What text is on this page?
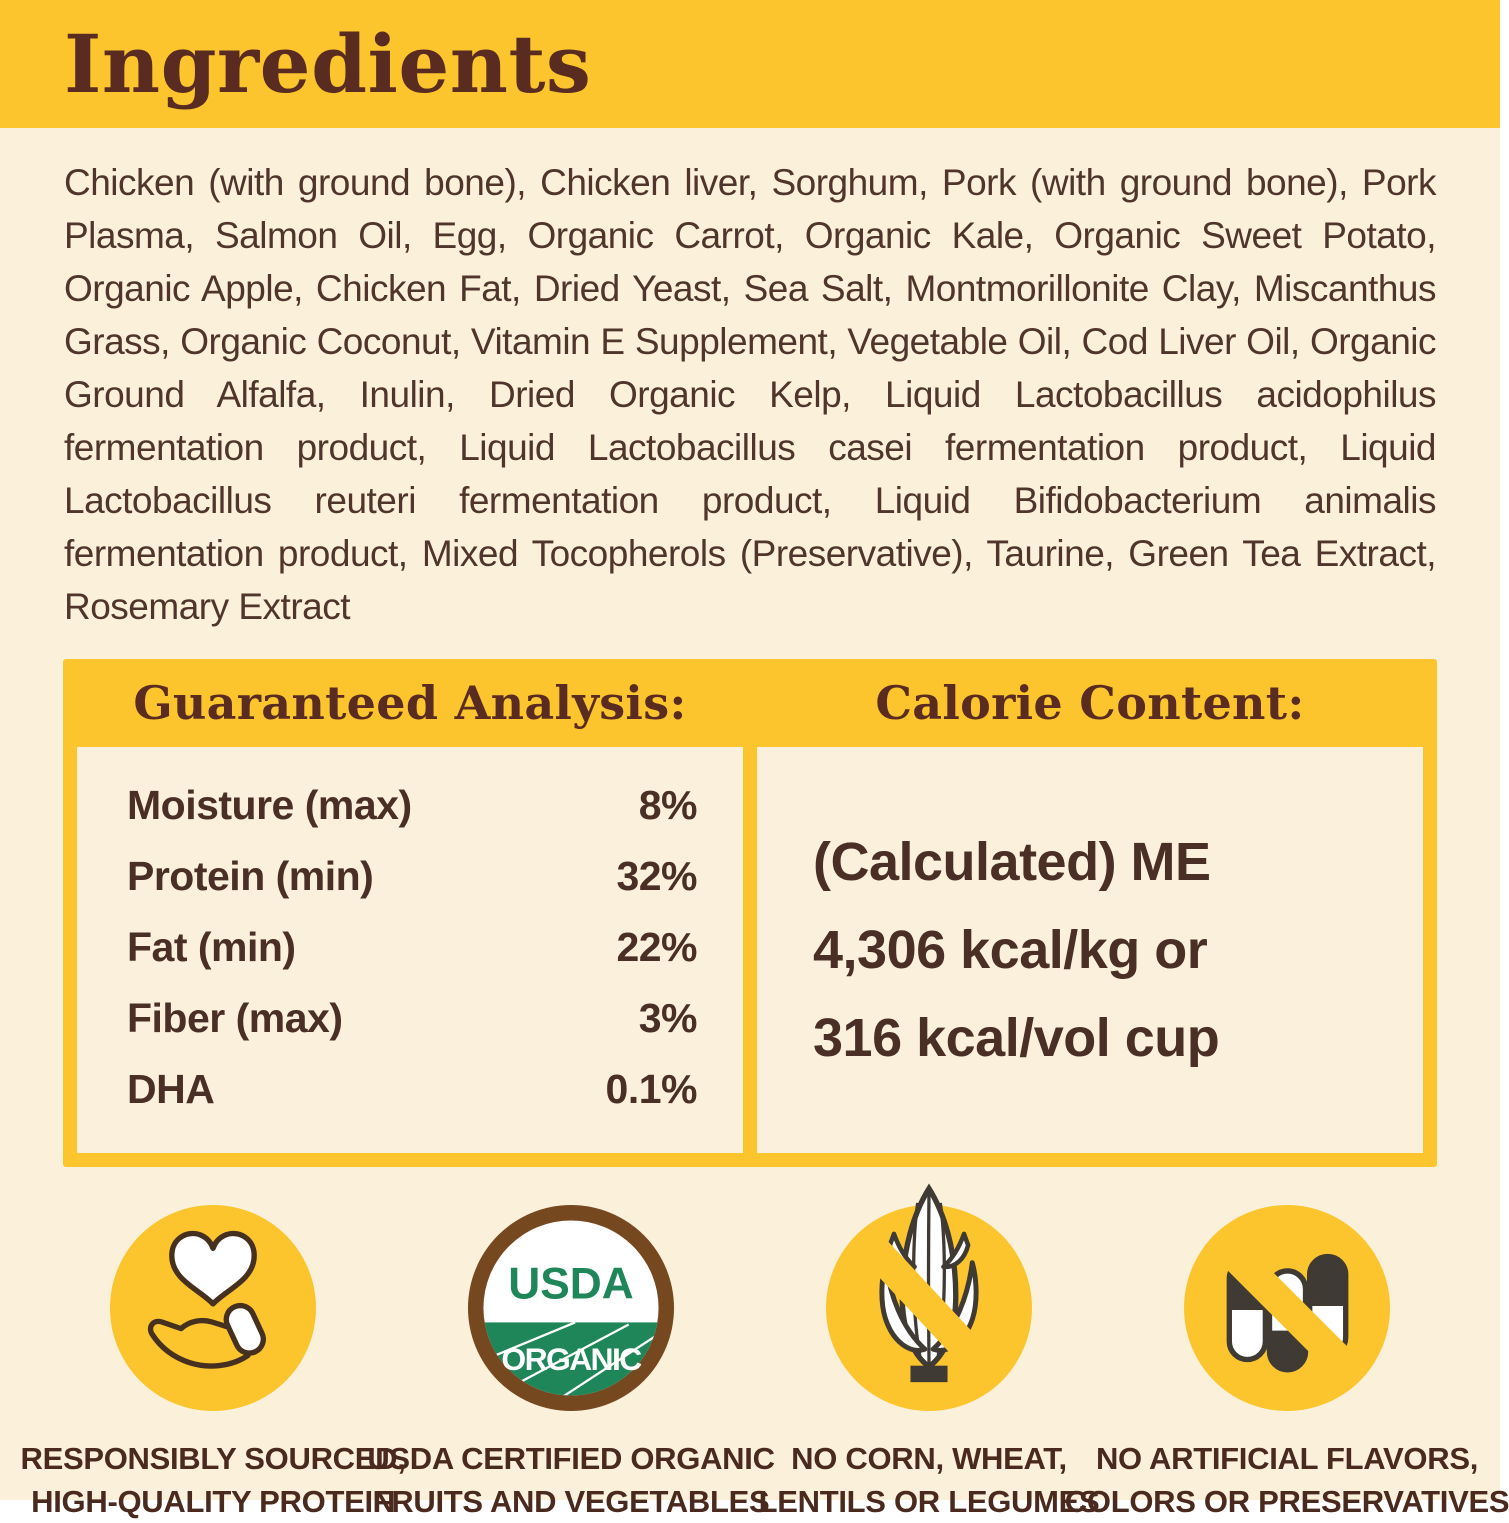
Ingredients

Chicken (with ground bone), Chicken liver, Sorghum, Pork (with ground bone), Pork Plasma, Salmon Oil, Egg, Organic Carrot, Organic Kale, Organic Sweet Potato, Organic Apple, Chicken Fat, Dried Yeast, Sea Salt, Montmorillonite Clay, Miscanthus Grass, Organic Coconut, Vitamin E Supplement, Vegetable Oil, Cod Liver Oil, Organic Ground Alfalfa, Inulin, Dried Organic Kelp, Liquid Lactobacillus acidophilus fermentation product, Liquid Lactobacillus casei fermentation product, Liquid Lactobacillus reuteri fermentation product, Liquid Bifidobacterium animalis fermentation product, Mixed Tocopherols (Preservative), Taurine, Green Tea Extract, Rosemary Extract

Guaranteed Analysis:
Moisture (max)	8%
Protein (min)	32%
Fat (min)	22%
Fiber (max)	3%
DHA	0.1%
Calorie Content:
(Calculated) ME
4,306 kcal/kg or
316 kcal/vol cup
RESPONSIBLY SOURCED,
HIGH-QUALITY PROTEIN
USDA
ORGANIC
USDA CERTIFIED ORGANIC
FRUITS AND VEGETABLES
NO CORN, WHEAT,
LENTILS OR LEGUMES
NO ARTIFICIAL FLAVORS,
COLORS OR PRESERVATIVES
